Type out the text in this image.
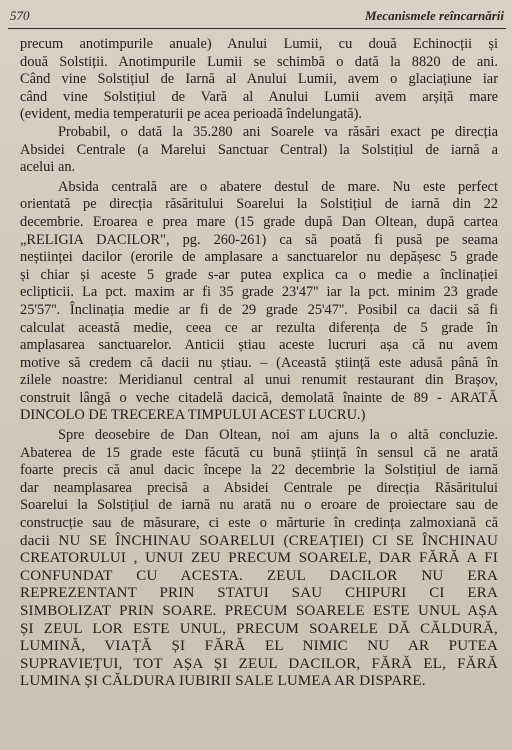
570	Mecanismele reîncarnării
precum anotimpurile anuale) Anului Lumii, cu două Echinocții și
două Solstiții. Anotimpurile Lumii se schimbă o dată la 8820 de ani.
Când vine Solstițiul de Iarnă al Anului Lumii, avem o glaciațiune iar
când vine Solstițiul de Vară al Anului Lumii avem arșiță mare
(evident, media temperaturii pe acea perioadă îndelungată).
Probabil, o dată la 35.280 ani Soarele va răsări exact pe direcția
Absidei Centrale (a Marelui Sanctuar Central) la Solstițiul de iarnă a
acelui an.
Absida centrală are o abatere destul de mare. Nu este perfect
orientată pe direcția răsăritului Soarelui la Solstițiul de iarnă din 22
decembrie. Eroarea e prea mare (15 grade după Dan Oltean, după cartea
„RELIGIA DACILOR", pg. 260-261) ca să poată fi pusă pe seama
neștiinței dacilor (erorile de amplasare a sanctuarelor nu depășesc 5 grade
și chiar și aceste 5 grade s-ar putea explica ca o medie a înclinației
eclipticii. La pct. maxim ar fi 35 grade 23'47'' iar la pct. minim 23 grade
25'57''. Înclinația medie ar fi de 29 grade 25'47''. Posibil ca dacii să fi
calculat această medie, ceea ce ar rezulta diferența de 5 grade în
amplasarea sanctuarelor. Anticii știau aceste lucruri așa că nu avem
motive să credem că dacii nu știau. – (Această știință este adusă până în
zilele noastre: Meridianul central al unui renumit restaurant din Brașov,
construit lângă o veche citadelă dacică, demolată înainte de 89 - ARATĂ
DINCOLO DE TRECEREA TIMPULUI ACEST LUCRU.)
Spre deosebire de Dan Oltean, noi am ajuns la o altă concluzie.
Abaterea de 15 grade este făcută cu bună știință în sensul că ne arată
foarte precis că anul dacic începe la 22 decembrie la Solstițiul de iarnă
dar neamplasarea precisă a Absidei Centrale pe direcția Răsăritului
Soarelui la Solstițiul de iarnă nu arată nu o eroare de proiectare sau de
construcție sau de măsurare, ci este o mărturie în credința zalmoxiană că
dacii NU SE ÎNCHINAU SOARELUI (CREAȚIEI) CI SE ÎNCHINAU
CREATORULUI , UNUI ZEU PRECUM SOARELE, DAR FĂRĂ A FI
CONFUNDAT CU ACESTA. ZEUL DACILOR NU ERA
REPREZENTANT PRIN STATUI SAU CHIPURI CI ERA
SIMBOLIZAT PRIN SOARE. PRECUM SOARELE ESTE UNUL AȘA
ȘI ZEUL LOR ESTE UNUL, PRECUM SOARELE DĂ CĂLDURĂ,
LUMINĂ, VIAȚĂ ȘI FĂRĂ EL NIMIC NU AR PUTEA
SUPRAVIEȚUI, TOT AȘA ȘI ZEUL DACILOR, FĂRĂ EL, FĂRĂ
LUMINA ȘI CĂLDURA IUBIRII SALE LUMEA AR DISPARE.
